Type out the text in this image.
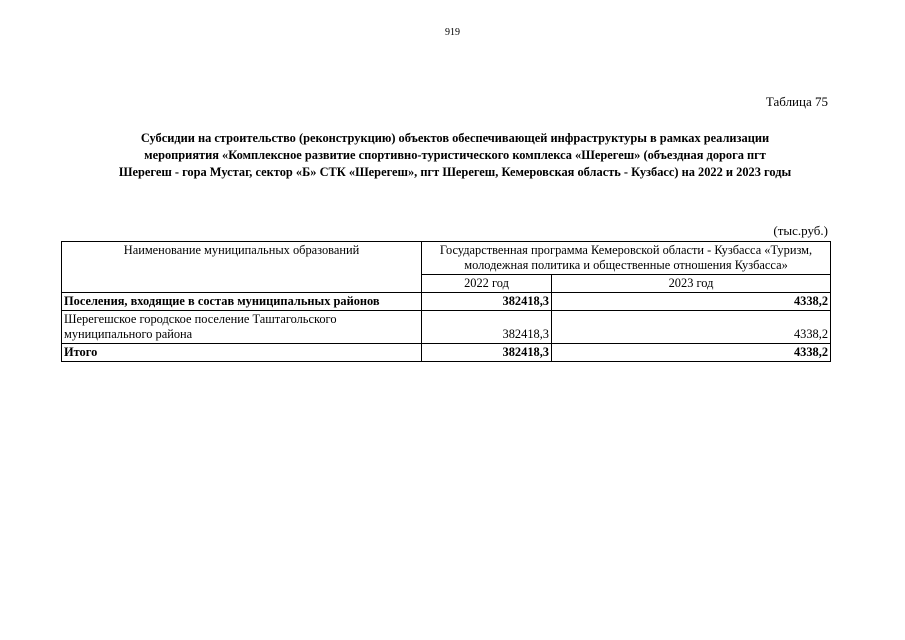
919
Таблица 75
Субсидии на строительство (реконструкцию) объектов обеспечивающей инфраструктуры в рамках реализации
мероприятия «Комплексное развитие спортивно-туристического комплекса «Шерегеш» (объездная дорога пгт
Шерегеш - гора Мустаг, сектор «Б» СТК «Шерегеш», пгт Шерегеш, Кемеровская область - Кузбасс) на 2022 и 2023 годы
(тыс.руб.)
Наименование муниципальных образований	Государственная программа Кемеровской области - Кузбасса «Туризм, молодежная политика и общественные отношения Кузбасса»	
	2022 год	2023 год
Поселения, входящие в состав муниципальных районов	382418,3	4338,2
Шерегешское городское поселение Таштагольского муниципального района	382418,3	4338,2
Итого	382418,3	4338,2
